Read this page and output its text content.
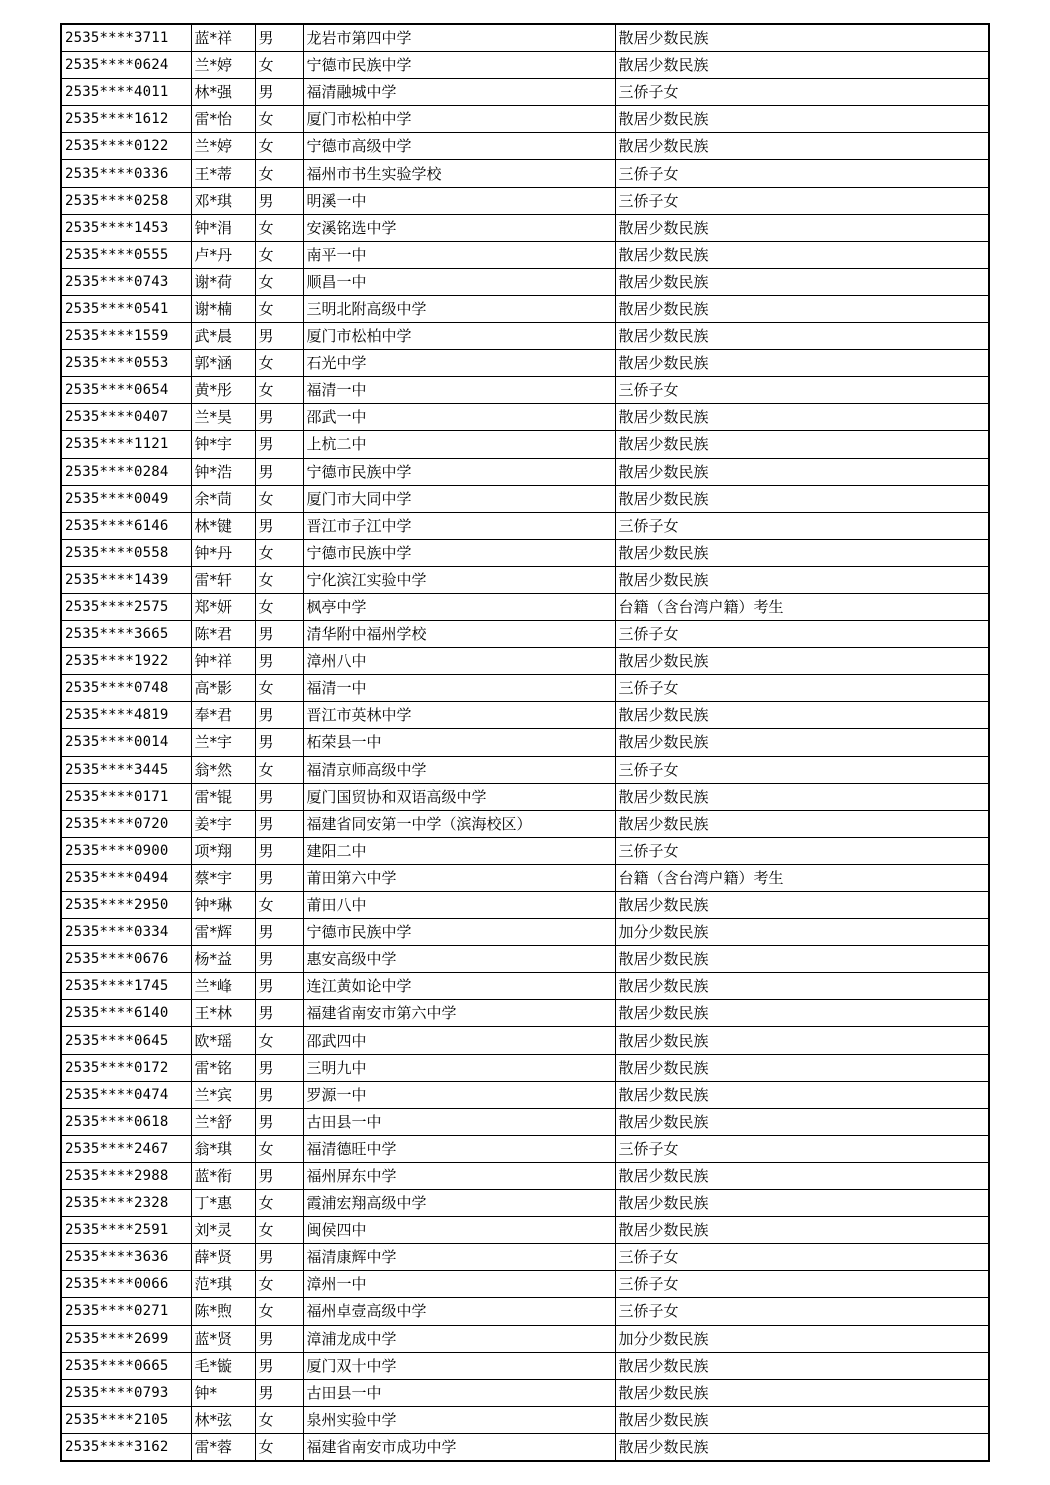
2535****3711	蓝*祥	男	龙岩市第四中学	散居少数民族
2535****0624	兰*婷	女	宁德市民族中学	散居少数民族
2535****4011	林*强	男	福清融城中学	三侨子女
2535****1612	雷*怡	女	厦门市松柏中学	散居少数民族
2535****0122	兰*婷	女	宁德市高级中学	散居少数民族
2535****0336	王*蒂	女	福州市书生实验学校	三侨子女
2535****0258	邓*琪	男	明溪一中	三侨子女
2535****1453	钟*涓	女	安溪铭选中学	散居少数民族
2535****0555	卢*丹	女	南平一中	散居少数民族
2535****0743	谢*荷	女	顺昌一中	散居少数民族
2535****0541	谢*楠	女	三明北附高级中学	散居少数民族
2535****1559	武*晨	男	厦门市松柏中学	散居少数民族
2535****0553	郭*涵	女	石光中学	散居少数民族
2535****0654	黄*彤	女	福清一中	三侨子女
2535****0407	兰*昊	男	邵武一中	散居少数民族
2535****1121	钟*宇	男	上杭二中	散居少数民族
2535****0284	钟*浩	男	宁德市民族中学	散居少数民族
2535****0049	余*茼	女	厦门市大同中学	散居少数民族
2535****6146	林*键	男	晋江市子江中学	三侨子女
2535****0558	钟*丹	女	宁德市民族中学	散居少数民族
2535****1439	雷*轩	女	宁化滨江实验中学	散居少数民族
2535****2575	郑*妍	女	枫亭中学	台籍（含台湾户籍）考生
2535****3665	陈*君	男	清华附中福州学校	三侨子女
2535****1922	钟*祥	男	漳州八中	散居少数民族
2535****0748	高*影	女	福清一中	三侨子女
2535****4819	奉*君	男	晋江市英林中学	散居少数民族
2535****0014	兰*宇	男	柘荣县一中	散居少数民族
2535****3445	翁*然	女	福清京师高级中学	三侨子女
2535****0171	雷*锟	男	厦门国贸协和双语高级中学	散居少数民族
2535****0720	姜*宇	男	福建省同安第一中学（滨海校区）	散居少数民族
2535****0900	项*翔	男	建阳二中	三侨子女
2535****0494	蔡*宇	男	莆田第六中学	台籍（含台湾户籍）考生
2535****2950	钟*琳	女	莆田八中	散居少数民族
2535****0334	雷*辉	男	宁德市民族中学	加分少数民族
2535****0676	杨*益	男	惠安高级中学	散居少数民族
2535****1745	兰*峰	男	连江黄如论中学	散居少数民族
2535****6140	王*林	男	福建省南安市第六中学	散居少数民族
2535****0645	欧*瑶	女	邵武四中	散居少数民族
2535****0172	雷*铭	男	三明九中	散居少数民族
2535****0474	兰*宾	男	罗源一中	散居少数民族
2535****0618	兰*舒	男	古田县一中	散居少数民族
2535****2467	翁*琪	女	福清德旺中学	三侨子女
2535****2988	蓝*衔	男	福州屏东中学	散居少数民族
2535****2328	丁*惠	女	霞浦宏翔高级中学	散居少数民族
2535****2591	刘*灵	女	闽侯四中	散居少数民族
2535****3636	薛*贤	男	福清康辉中学	三侨子女
2535****0066	范*琪	女	漳州一中	三侨子女
2535****0271	陈*煦	女	福州卓壹高级中学	三侨子女
2535****2699	蓝*贤	男	漳浦龙成中学	加分少数民族
2535****0665	毛*镟	男	厦门双十中学	散居少数民族
2535****0793	钟*	男	古田县一中	散居少数民族
2535****2105	林*弦	女	泉州实验中学	散居少数民族
2535****3162	雷*蓉	女	福建省南安市成功中学	散居少数民族
